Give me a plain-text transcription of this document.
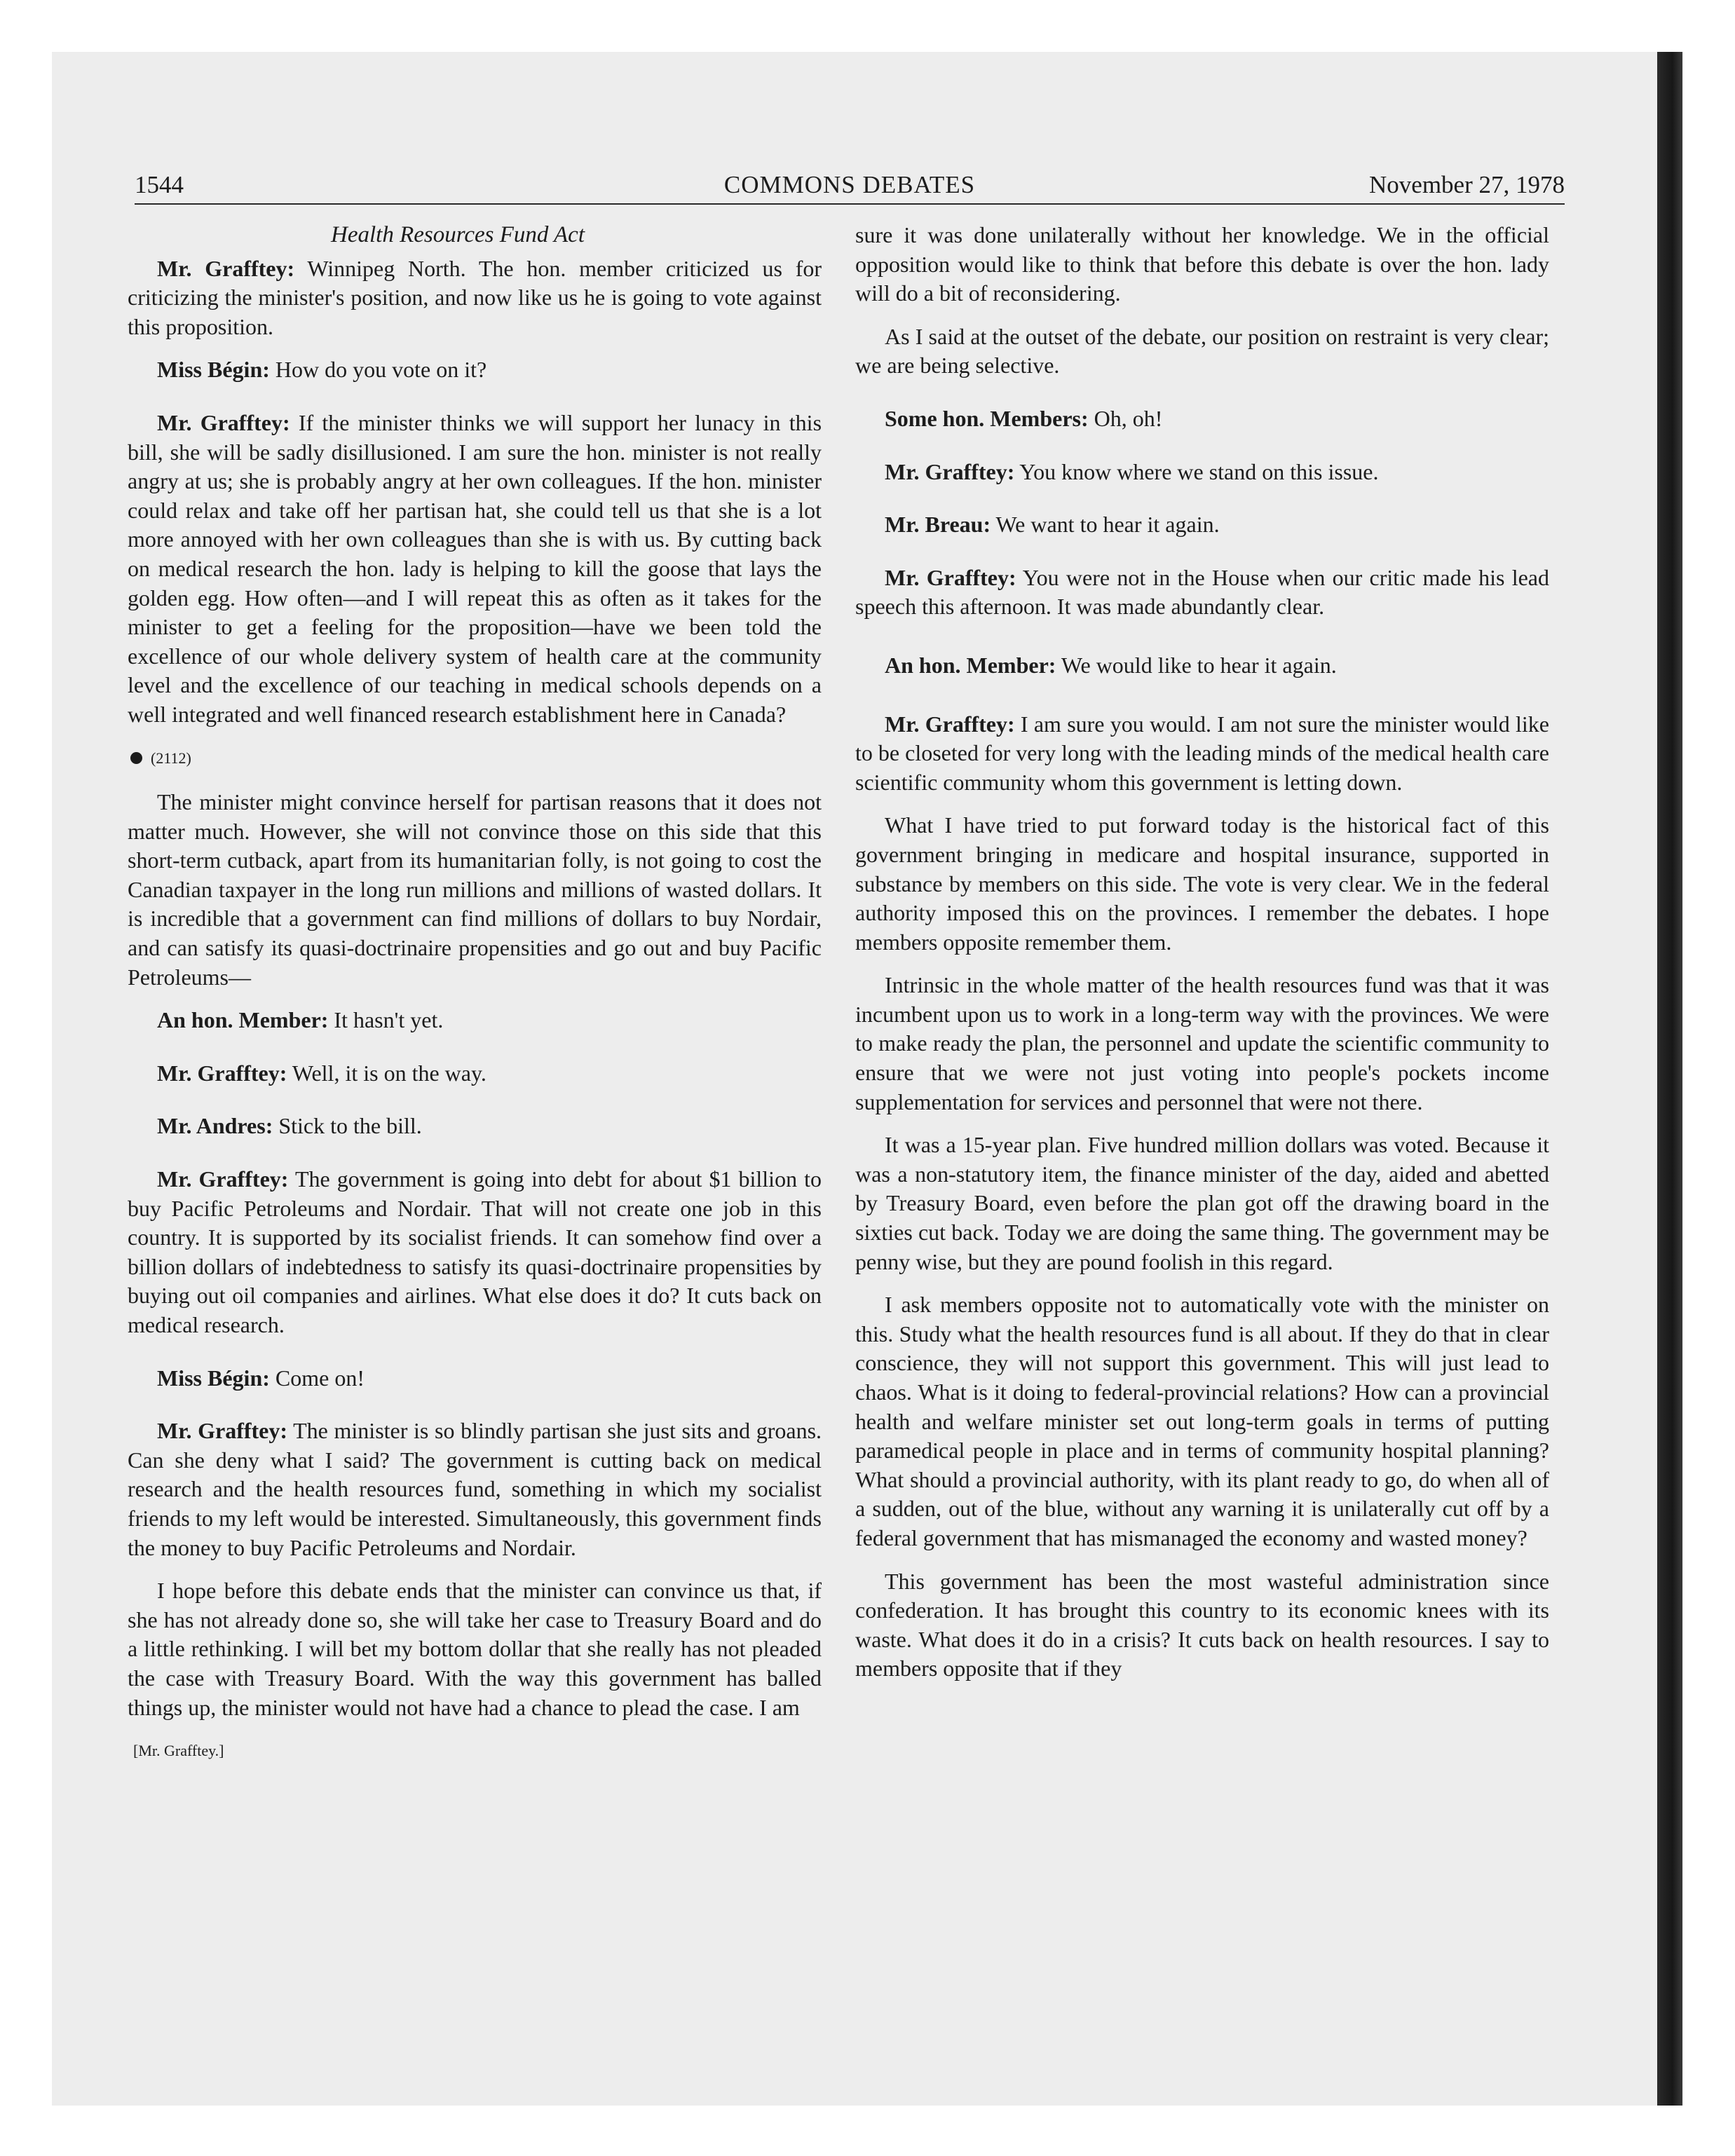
1544	COMMONS DEBATES	November 27, 1978
Health Resources Fund Act

Mr. Grafftey: Winnipeg North. The hon. member criticized us for criticizing the minister's position, and now like us he is going to vote against this proposition.

Miss Bégin: How do you vote on it?

Mr. Grafftey: If the minister thinks we will support her lunacy in this bill, she will be sadly disillusioned. I am sure the hon. minister is not really angry at us; she is probably angry at her own colleagues. If the hon. minister could relax and take off her partisan hat, she could tell us that she is a lot more annoyed with her own colleagues than she is with us. By cutting back on medical research the hon. lady is helping to kill the goose that lays the golden egg. How often—and I will repeat this as often as it takes for the minister to get a feeling for the proposition—have we been told the excellence of our whole delivery system of health care at the community level and the excellence of our teaching in medical schools depends on a well integrated and well financed research establishment here in Canada?

(2112)

The minister might convince herself for partisan reasons that it does not matter much. However, she will not convince those on this side that this short-term cutback, apart from its humanitarian folly, is not going to cost the Canadian taxpayer in the long run millions and millions of wasted dollars. It is incredible that a government can find millions of dollars to buy Nordair, and can satisfy its quasi-doctrinaire propensities and go out and buy Pacific Petroleums—

An hon. Member: It hasn't yet.

Mr. Grafftey: Well, it is on the way.

Mr. Andres: Stick to the bill.

Mr. Grafftey: The government is going into debt for about $1 billion to buy Pacific Petroleums and Nordair. That will not create one job in this country. It is supported by its socialist friends. It can somehow find over a billion dollars of indebtedness to satisfy its quasi-doctrinaire propensities by buying out oil companies and airlines. What else does it do? It cuts back on medical research.

Miss Bégin: Come on!

Mr. Grafftey: The minister is so blindly partisan she just sits and groans. Can she deny what I said? The government is cutting back on medical research and the health resources fund, something in which my socialist friends to my left would be interested. Simultaneously, this government finds the money to buy Pacific Petroleums and Nordair.

I hope before this debate ends that the minister can convince us that, if she has not already done so, she will take her case to Treasury Board and do a little rethinking. I will bet my bottom dollar that she really has not pleaded the case with Treasury Board. With the way this government has balled things up, the minister would not have had a chance to plead the case. I am

[Mr. Grafftey.]

sure it was done unilaterally without her knowledge. We in the official opposition would like to think that before this debate is over the hon. lady will do a bit of reconsidering.

As I said at the outset of the debate, our position on restraint is very clear; we are being selective.

Some hon. Members: Oh, oh!

Mr. Grafftey: You know where we stand on this issue.

Mr. Breau: We want to hear it again.

Mr. Grafftey: You were not in the House when our critic made his lead speech this afternoon. It was made abundantly clear.

An hon. Member: We would like to hear it again.

Mr. Grafftey: I am sure you would. I am not sure the minister would like to be closeted for very long with the leading minds of the medical health care scientific community whom this government is letting down.

What I have tried to put forward today is the historical fact of this government bringing in medicare and hospital insurance, supported in substance by members on this side. The vote is very clear. We in the federal authority imposed this on the provinces. I remember the debates. I hope members opposite remember them.

Intrinsic in the whole matter of the health resources fund was that it was incumbent upon us to work in a long-term way with the provinces. We were to make ready the plan, the personnel and update the scientific community to ensure that we were not just voting into people's pockets income supplementation for services and personnel that were not there.

It was a 15-year plan. Five hundred million dollars was voted. Because it was a non-statutory item, the finance minister of the day, aided and abetted by Treasury Board, even before the plan got off the drawing board in the sixties cut back. Today we are doing the same thing. The government may be penny wise, but they are pound foolish in this regard.

I ask members opposite not to automatically vote with the minister on this. Study what the health resources fund is all about. If they do that in clear conscience, they will not support this government. This will just lead to chaos. What is it doing to federal-provincial relations? How can a provincial health and welfare minister set out long-term goals in terms of putting paramedical people in place and in terms of community hospital planning? What should a provincial authority, with its plant ready to go, do when all of a sudden, out of the blue, without any warning it is unilaterally cut off by a federal government that has mismanaged the economy and wasted money?

This government has been the most wasteful administration since confederation. It has brought this country to its economic knees with its waste. What does it do in a crisis? It cuts back on health resources. I say to members opposite that if they
